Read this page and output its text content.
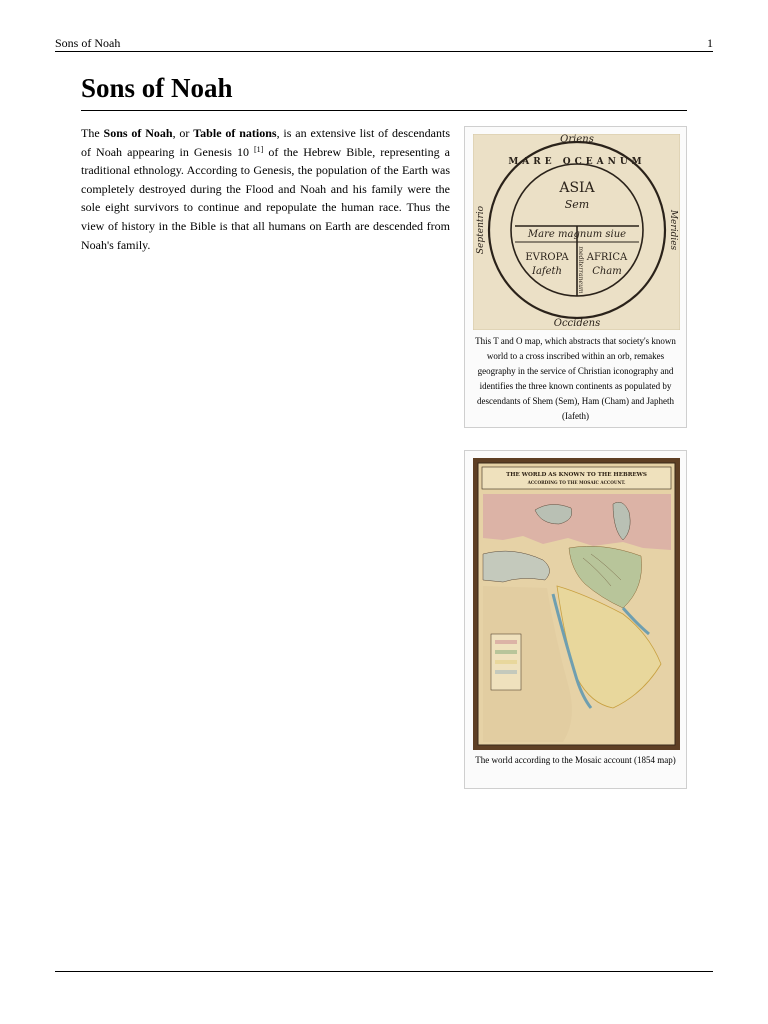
Sons of Noah	1
Sons of Noah

The Sons of Noah, or Table of nations, is an extensive list of descendants of Noah appearing in Genesis 10 [1] of the Hebrew Bible, representing a traditional ethnology. According to Genesis, the population of the Earth was completely destroyed during the Flood and Noah and his family were the sole eight survivors to continue and repopulate the human race. Thus the view of history in the Bible is that all humans on Earth are descended from Noah's family.

Oriens
Occidens
Septentrio	Meridies
MARE OCEANUM
ASIA
Sem
Mare magnum siue
mediterraneum
EVROPA
Iafeth
AFRICA
Cham
This T and O map, which abstracts that society's known world to a cross inscribed within an orb, remakes geography in the service of Christian iconography and identifies the three known continents as populated by descendants of Shem (Sem), Ham (Cham) and Japheth (Iafeth)
THE WORLD AS KNOWN TO THE HEBREWS
ACCORDING TO THE MOSAIC ACCOUNT.
The world according to the Mosaic account (1854 map)
